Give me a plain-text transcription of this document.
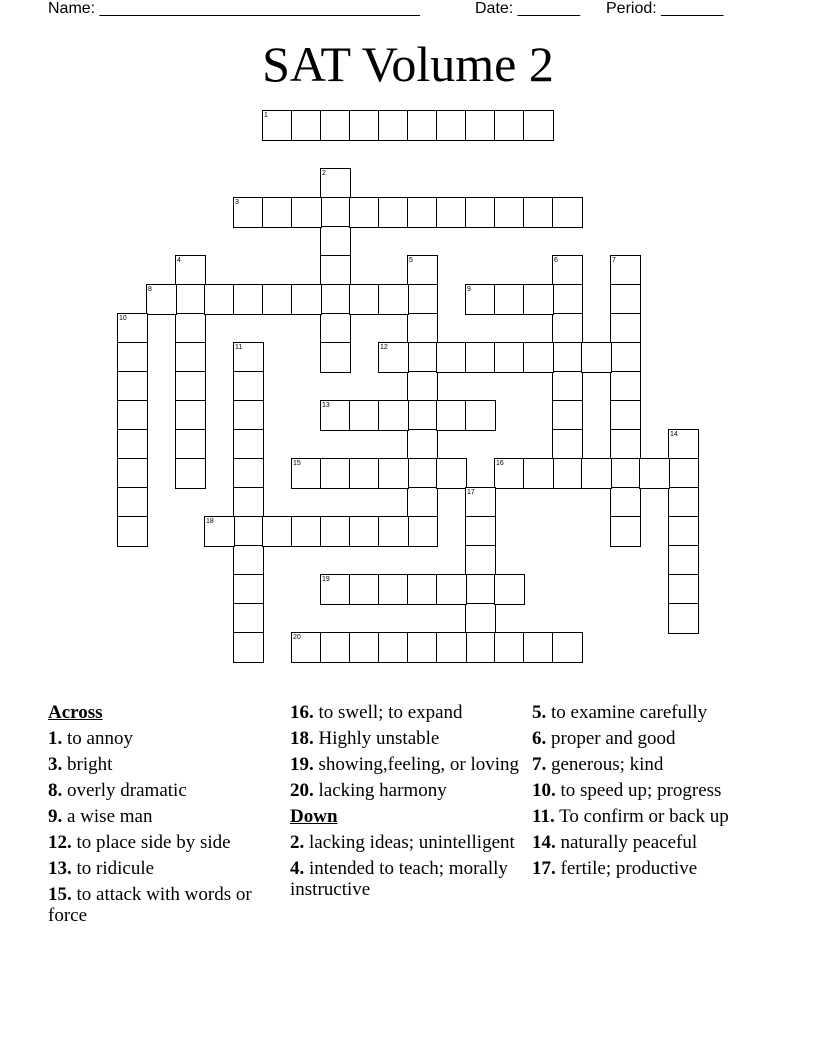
Name: ____________________________________	Date: _______ Period: _______
SAT Volume 2
1
2
3
4	5	6	7
8	9
10
11	12
13
14
15	16
17
18
19
20
Across
1. to annoy
3. bright
8. overly dramatic
9. a wise man
12. to place side by side
13. to ridicule
15. to attack with words or force
16. to swell; to expand
18. Highly unstable
19. showing,feeling, or loving
20. lacking harmony
Down
2. lacking ideas; unintelligent
4. intended to teach; morally instructive
5. to examine carefully
6. proper and good
7. generous; kind
10. to speed up; progress
11. To confirm or back up
14. naturally peaceful
17. fertile; productive
